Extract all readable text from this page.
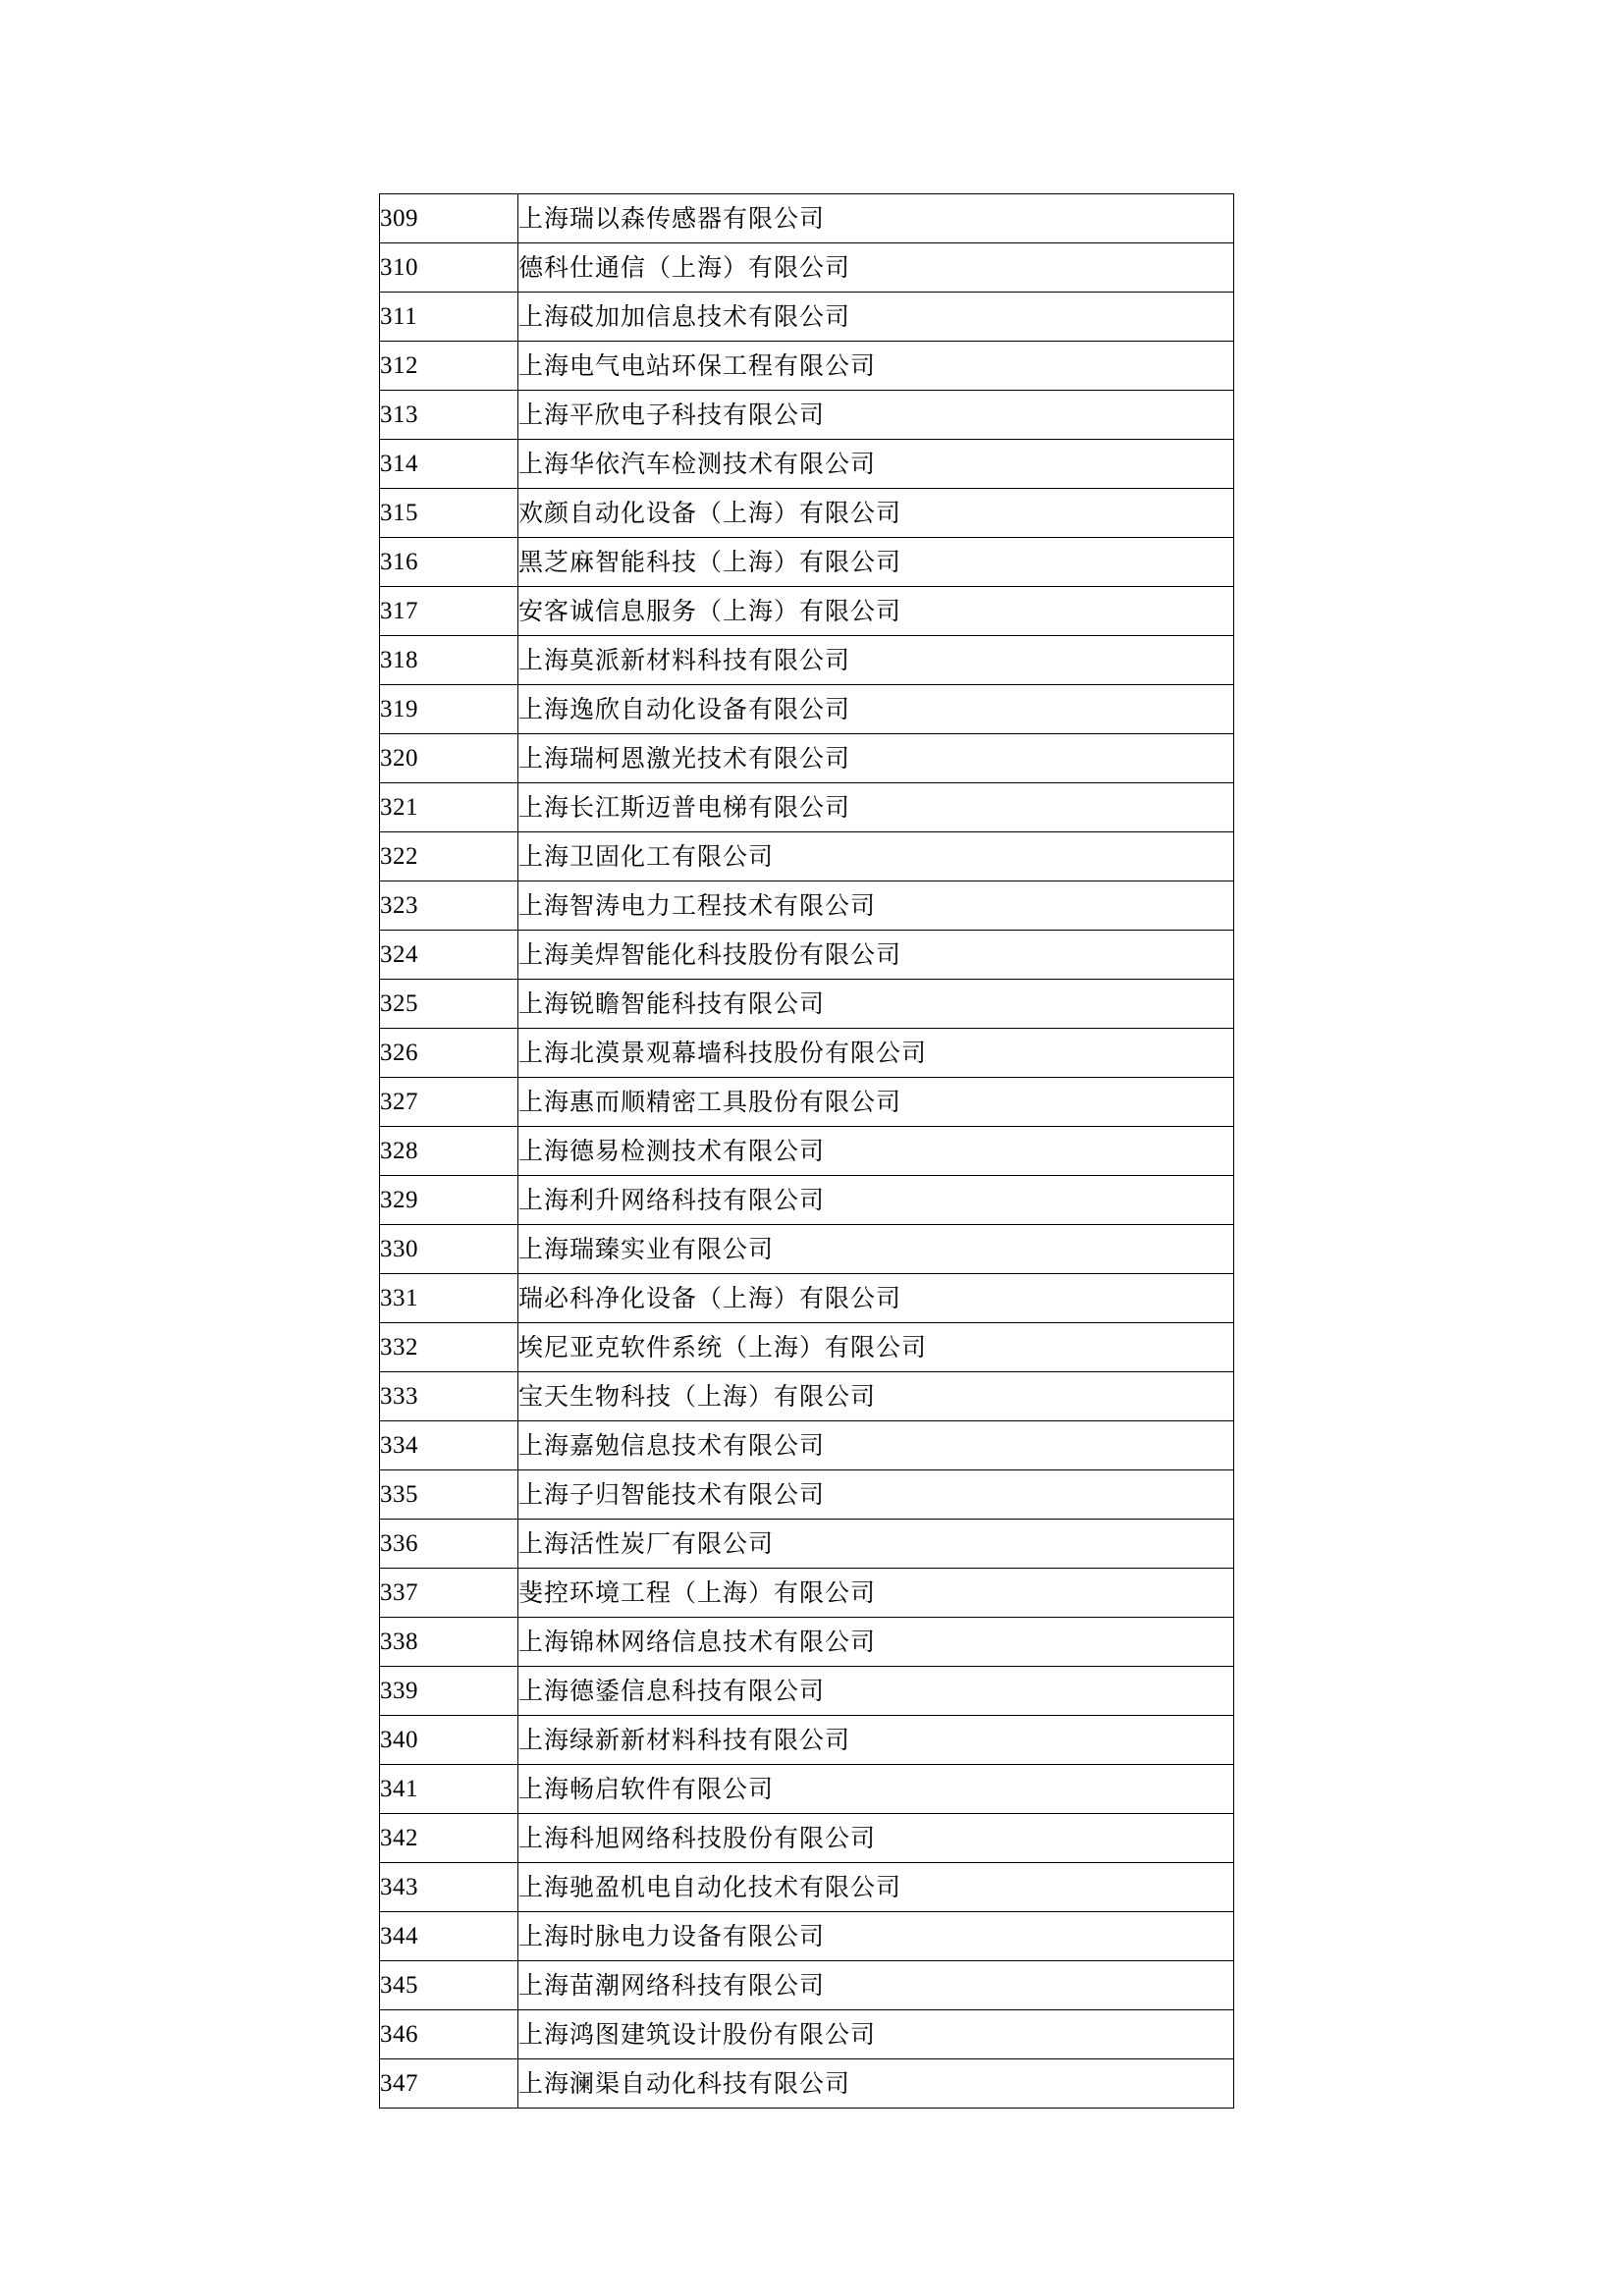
309	上海瑞以森传感器有限公司
310	德科仕通信（上海）有限公司
311	上海砹加加信息技术有限公司
312	上海电气电站环保工程有限公司
313	上海平欣电子科技有限公司
314	上海华依汽车检测技术有限公司
315	欢颜自动化设备（上海）有限公司
316	黑芝麻智能科技（上海）有限公司
317	安客诚信息服务（上海）有限公司
318	上海莫派新材料科技有限公司
319	上海逸欣自动化设备有限公司
320	上海瑞柯恩激光技术有限公司
321	上海长江斯迈普电梯有限公司
322	上海卫固化工有限公司
323	上海智涛电力工程技术有限公司
324	上海美焊智能化科技股份有限公司
325	上海锐瞻智能科技有限公司
326	上海北漠景观幕墙科技股份有限公司
327	上海惠而顺精密工具股份有限公司
328	上海德易检测技术有限公司
329	上海利升网络科技有限公司
330	上海瑞臻实业有限公司
331	瑞必科净化设备（上海）有限公司
332	埃尼亚克软件系统（上海）有限公司
333	宝天生物科技（上海）有限公司
334	上海嘉勉信息技术有限公司
335	上海子归智能技术有限公司
336	上海活性炭厂有限公司
337	斐控环境工程（上海）有限公司
338	上海锦林网络信息技术有限公司
339	上海德鋈信息科技有限公司
340	上海绿新新材料科技有限公司
341	上海畅启软件有限公司
342	上海科旭网络科技股份有限公司
343	上海驰盈机电自动化技术有限公司
344	上海时脉电力设备有限公司
345	上海苗潮网络科技有限公司
346	上海鸿图建筑设计股份有限公司
347	上海澜渠自动化科技有限公司
